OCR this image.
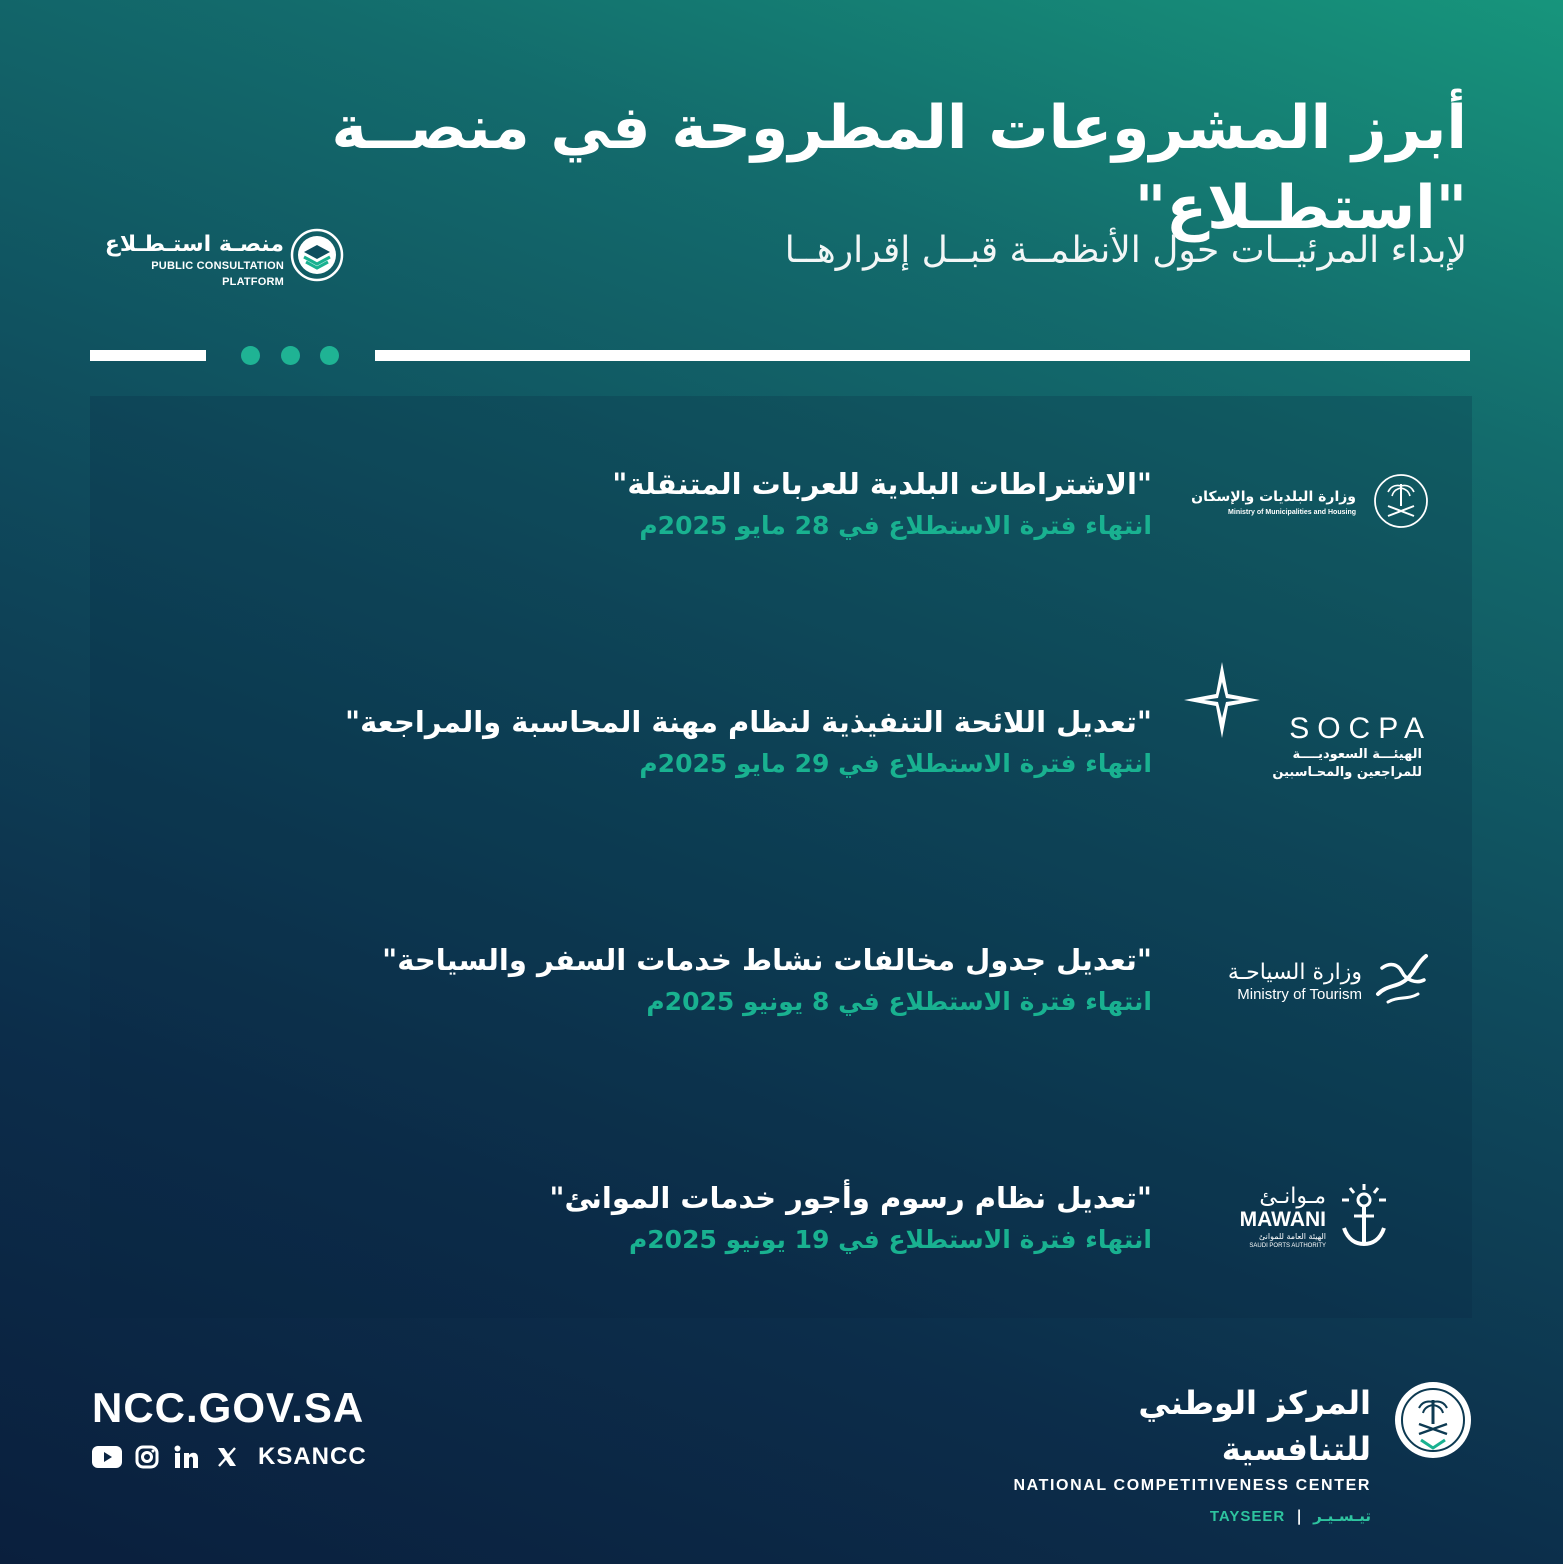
أبرز المشروعات المطروحة في منصــة "استطـلاع"
لإبداء المرئيــات حول الأنظمــة قبــل إقرارهــا
منصـة استـطـلاع
PUBLIC CONSULTATION PLATFORM
"الاشتراطات البلدية للعربات المتنقلة"
انتهاء فترة الاستطلاع في 28 مايو 2025م
وزارة البلديات والإسكان
Ministry of Municipalities and Housing
"تعديل اللائحة التنفيذية لنظام مهنة المحاسبة والمراجعة"
انتهاء فترة الاستطلاع في 29 مايو 2025م
SOCPA
الهيئـــة السعوديــــة
للمراجعين والمحـاسبين
"تعديل جدول مخالفات نشاط خدمات السفر والسياحة"
انتهاء فترة الاستطلاع في 8 يونيو 2025م
وزارة السياحـة
Ministry of Tourism
"تعديل نظام رسوم وأجور خدمات الموانئ"
انتهاء فترة الاستطلاع في 19 يونيو 2025م
مـوانـئ
MAWANI
الهيئة العامة للموانئ
SAUDI PORTS AUTHORITY
NCC.GOV.SA
KSANCC
المركز الوطني للتنافسية
NATIONAL COMPETITIVENESS CENTER
TAYSEER | تيـسـيـر
